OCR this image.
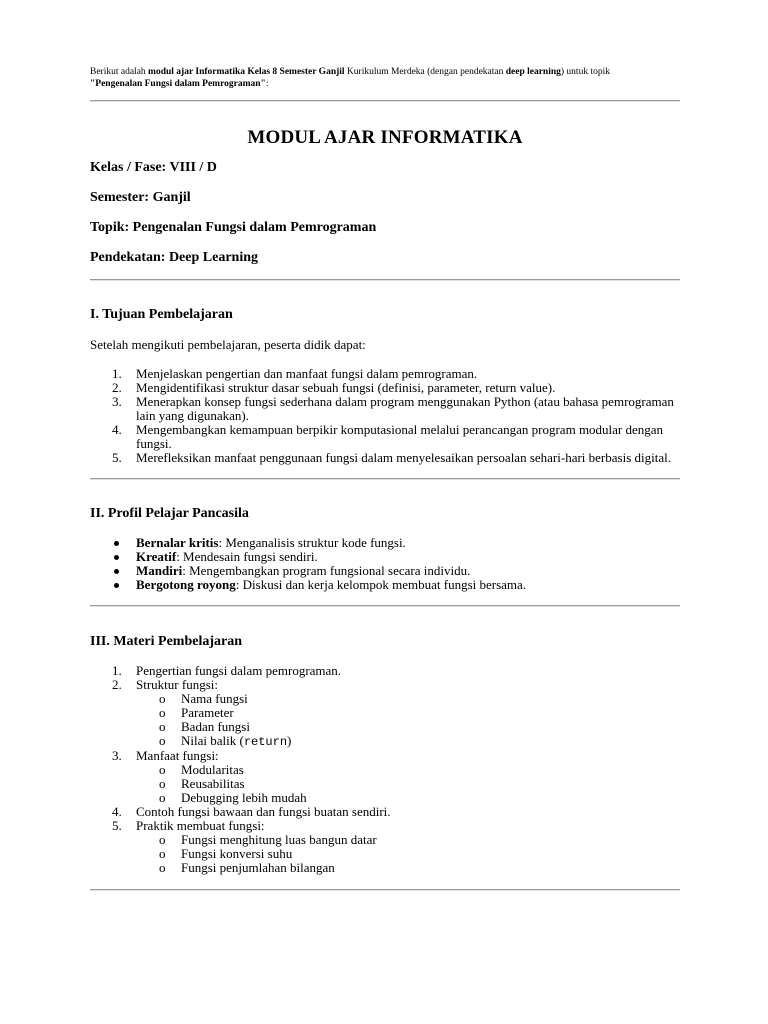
Berikut adalah modul ajar Informatika Kelas 8 Semester Ganjil Kurikulum Merdeka (dengan pendekatan deep learning) untuk topik
"Pengenalan Fungsi dalam Pemrograman":

MODUL AJAR INFORMATIKA

Kelas / Fase: VIII / D

Semester: Ganjil

Topik: Pengenalan Fungsi dalam Pemrograman

Pendekatan: Deep Learning

I. Tujuan Pembelajaran

Setelah mengikuti pembelajaran, peserta didik dapat:

1. Menjelaskan pengertian dan manfaat fungsi dalam pemrograman.
2. Mengidentifikasi struktur dasar sebuah fungsi (definisi, parameter, return value).
3. Menerapkan konsep fungsi sederhana dalam program menggunakan Python (atau bahasa pemrograman lain yang digunakan).
4. Mengembangkan kemampuan berpikir komputasional melalui perancangan program modular dengan fungsi.
5. Merefleksikan manfaat penggunaan fungsi dalam menyelesaikan persoalan sehari-hari berbasis digital.
II. Profil Pelajar Pancasila
Bernalar kritis: Menganalisis struktur kode fungsi.
Kreatif: Mendesain fungsi sendiri.
Mandiri: Mengembangkan program fungsional secara individu.
Bergotong royong: Diskusi dan kerja kelompok membuat fungsi bersama.
III. Materi Pembelajaran
1. Pengertian fungsi dalam pemrograman.
2. Struktur fungsi:
o Nama fungsi
o Parameter
o Badan fungsi
o Nilai balik (return)
3. Manfaat fungsi:
o Modularitas
o Reusabilitas
o Debugging lebih mudah
4. Contoh fungsi bawaan dan fungsi buatan sendiri.
5. Praktik membuat fungsi:
o Fungsi menghitung luas bangun datar
o Fungsi konversi suhu
o Fungsi penjumlahan bilangan
